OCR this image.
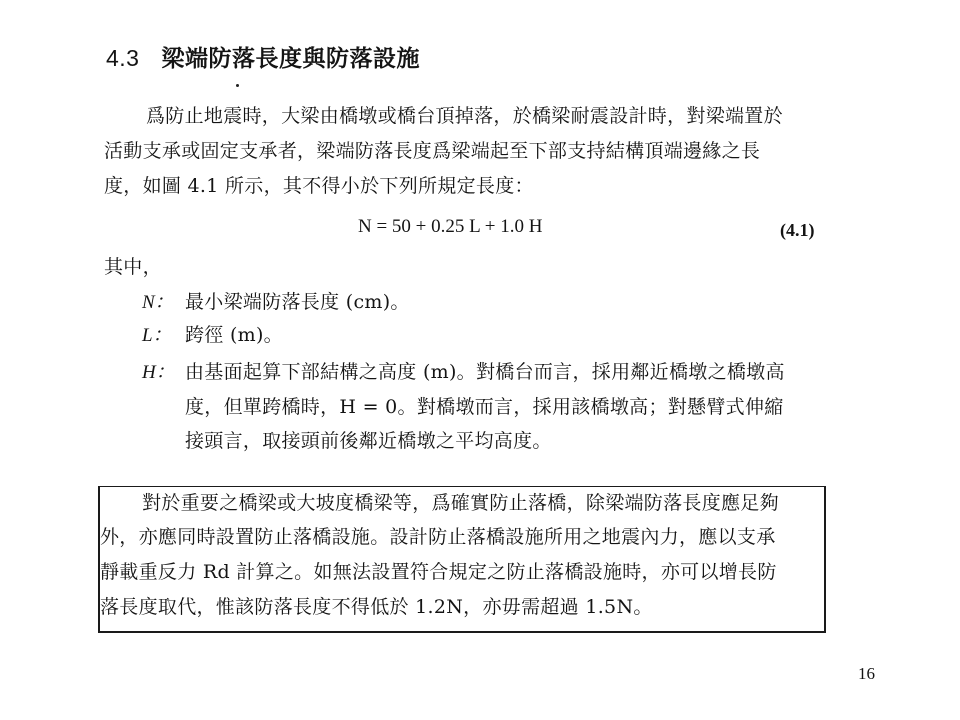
4.3 梁端防落長度與防落設施
爲防止地震時，大梁由橋墩或橋台頂掉落，於橋梁耐震設計時，對梁端置於
活動支承或固定支承者，梁端防落長度爲梁端起至下部支持結構頂端邊緣之長
度，如圖 4.1 所示，其不得小於下列所規定長度：
N = 50 + 0.25 L + 1.0 H	(4.1)
其中，
N： 最小梁端防落長度 (cm)。
L： 跨徑 (m)。
H： 由基面起算下部結構之高度 (m)。對橋台而言，採用鄰近橋墩之橋墩高
度，但單跨橋時，H = 0。對橋墩而言，採用該橋墩高；對懸臂式伸縮
接頭言，取接頭前後鄰近橋墩之平均高度。
對於重要之橋梁或大坡度橋梁等，爲確實防止落橋，除梁端防落長度應足夠
外，亦應同時設置防止落橋設施。設計防止落橋設施所用之地震內力，應以支承
靜載重反力 Rd 計算之。如無法設置符合規定之防止落橋設施時，亦可以增長防
落長度取代，惟該防落長度不得低於 1.2N，亦毋需超過 1.5N。
16
